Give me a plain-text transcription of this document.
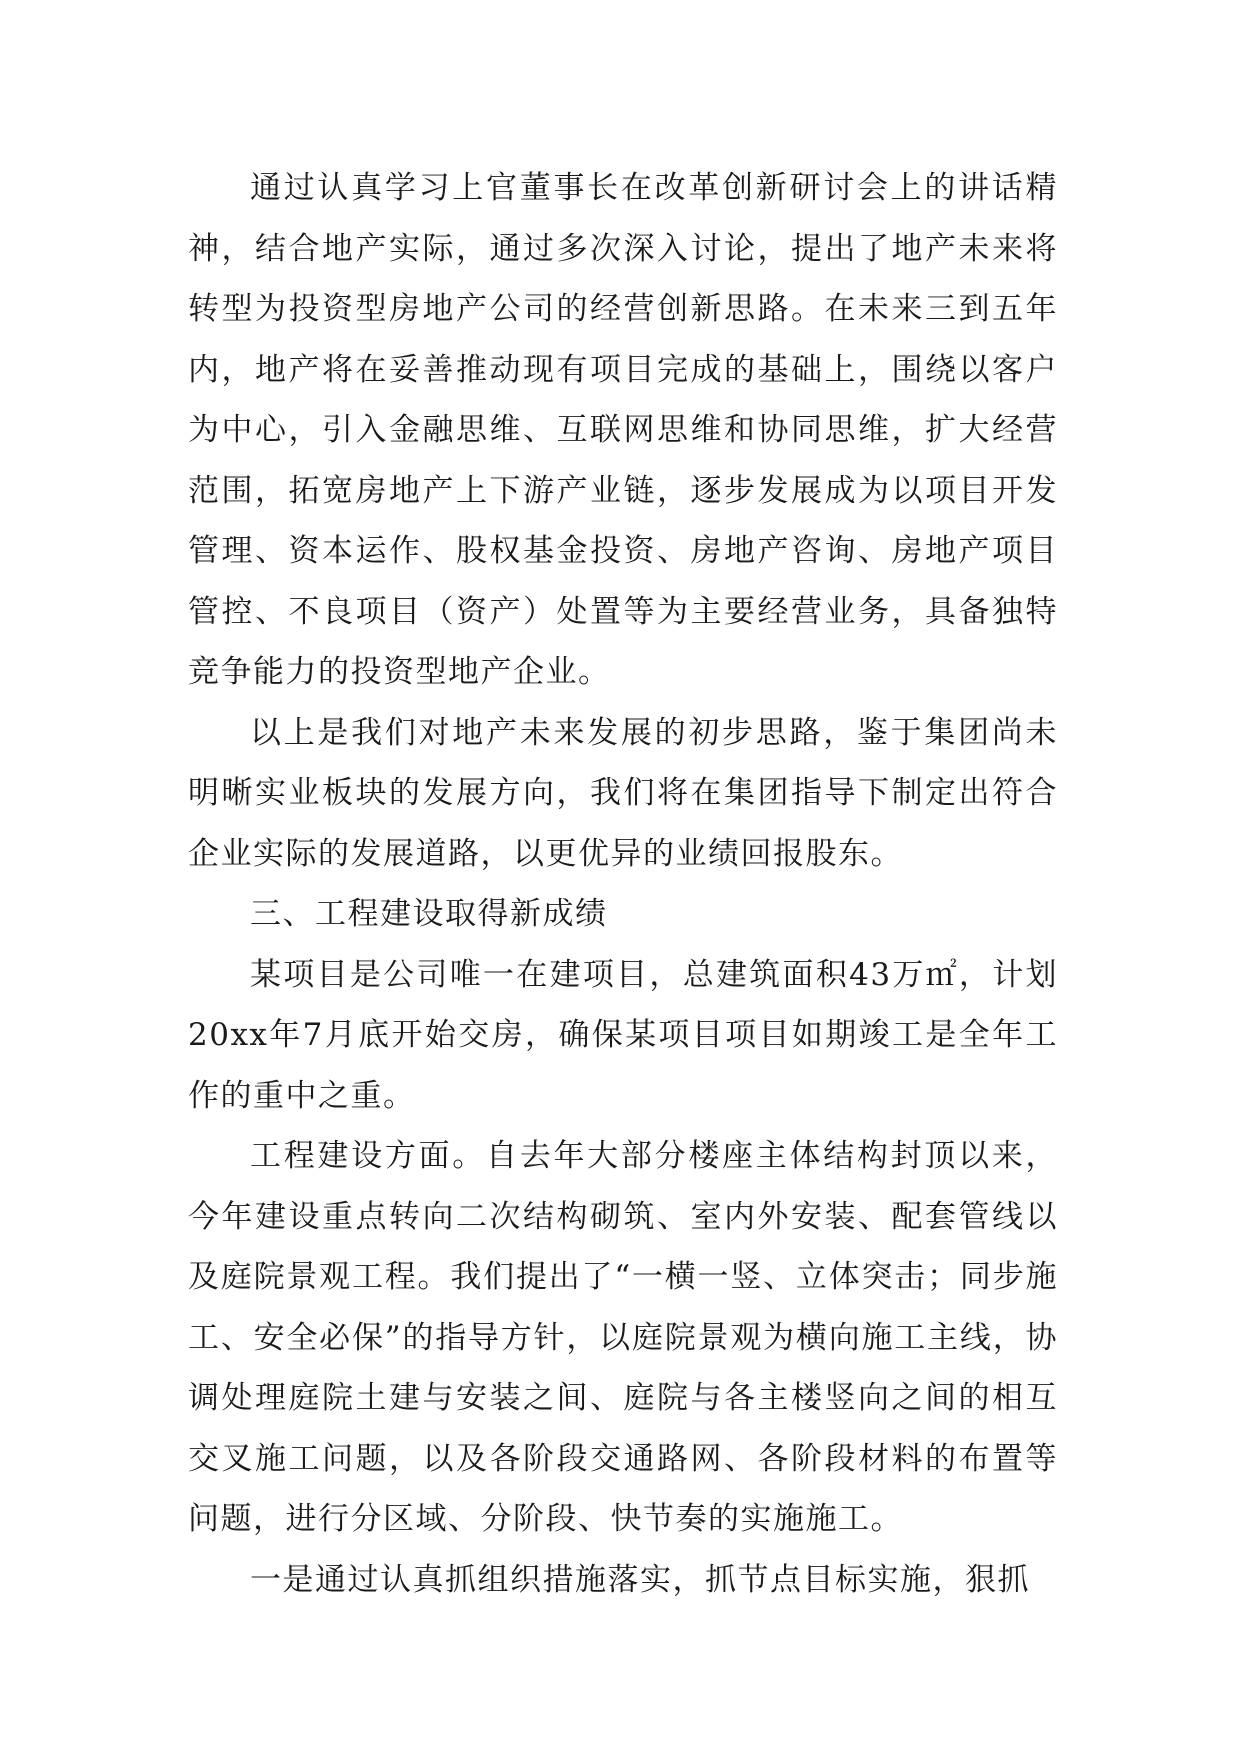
通过认真学习上官董事长在改革创新研讨会上的讲话精神，结合地产实际，通过多次深入讨论，提出了地产未来将转型为投资型房地产公司的经营创新思路。在未来三到五年内，地产将在妥善推动现有项目完成的基础上，围绕以客户为中心，引入金融思维、互联网思维和协同思维，扩大经营范围，拓宽房地产上下游产业链，逐步发展成为以项目开发管理、资本运作、股权基金投资、房地产咨询、房地产项目管控、不良项目（资产）处置等为主要经营业务，具备独特竞争能力的投资型地产企业。

以上是我们对地产未来发展的初步思路，鉴于集团尚未明晰实业板块的发展方向，我们将在集团指导下制定出符合企业实际的发展道路，以更优异的业绩回报股东。

三、工程建设取得新成绩

某项目是公司唯一在建项目，总建筑面积43万㎡，计划20xx年7月底开始交房，确保某项目项目如期竣工是全年工作的重中之重。

工程建设方面。自去年大部分楼座主体结构封顶以来，今年建设重点转向二次结构砌筑、室内外安装、配套管线以及庭院景观工程。我们提出了“一横一竖、立体突击；同步施工、安全必保”的指导方针，以庭院景观为横向施工主线，协调处理庭院土建与安装之间、庭院与各主楼竖向之间的相互交叉施工问题，以及各阶段交通路网、各阶段材料的布置等问题，进行分区域、分阶段、快节奏的实施施工。

一是通过认真抓组织措施落实，抓节点目标实施，狠抓
